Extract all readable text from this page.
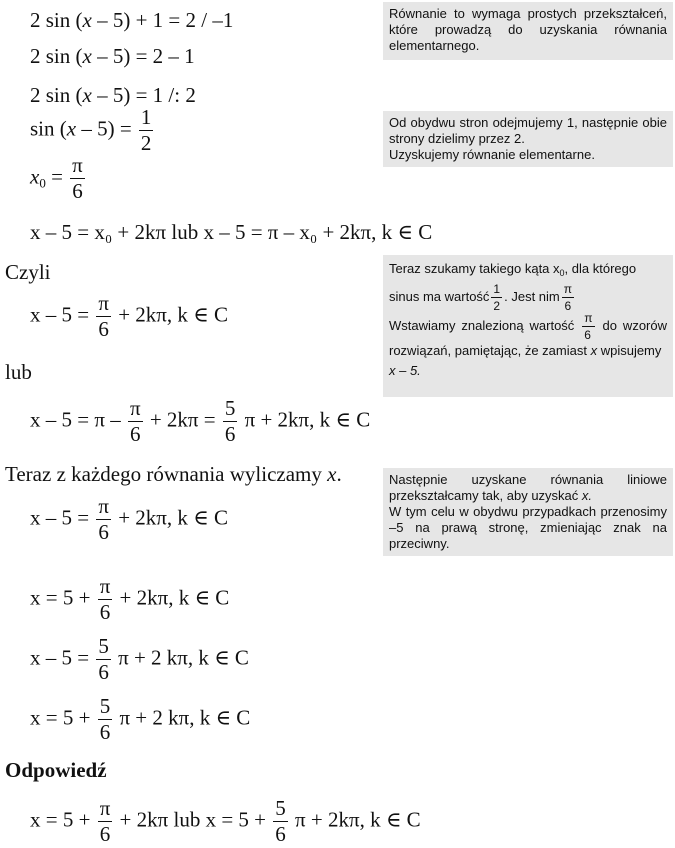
2 sin (x – 5) + 1 = 2 / –1
2 sin (x – 5) = 2 – 1
2 sin (x – 5) = 1 /: 2
$\sin (x - 5) = \frac{1}{2}$
$x_0 = \frac{\pi}{6}$
x – 5 = x₀ + 2kπ lub x – 5 = π – x₀ + 2kπ, k ∈ C
Czyli
$x - 5 = \frac{\pi}{6} + 2k\pi$, k ∈ C
lub
$x - 5 = \pi - \frac{\pi}{6} + 2k\pi = \frac{5}{6}$ π + 2kπ, k ∈ C
Teraz z każdego równania wyliczamy x.
$x - 5 = \frac{\pi}{6} + 2k\pi$, k ∈ C
$x = 5 + \frac{\pi}{6} + 2k\pi$, k ∈ C
$x - 5 = \frac{5}{6}$ π + 2 kπ, k ∈ C
$x = 5 + \frac{5}{6}$ π + 2 kπ, k ∈ C
Odpowiedź
$x = 5 + \frac{\pi}{6} + 2k\pi$ lub $x = 5 + \frac{5}{6}$ π + 2kπ, k ∈ C
Równanie to wymaga prostych przekształceń, które prowadzą do uzyskania równania elementarnego.
Od obydwu stron odejmujemy 1, następnie obie strony dzielimy przez 2.
Uzyskujemy równanie elementarne.
Teraz szukamy takiego kąta $x_0$, dla którego
sinus ma wartość $\frac{1}{2}$ . Jest nim $\frac{\pi}{6}$
Wstawiamy znalezioną wartość $\frac{\pi}{6}$ do wzorów rozwiązań, pamiętając, że zamiast x wpisujemy
x – 5.
Następnie uzyskane równania liniowe przekształcamy tak, aby uzyskać x.
W tym celu w obydwu przypadkach przenosimy –5 na prawą stronę, zmieniając znak na przeciwny.
